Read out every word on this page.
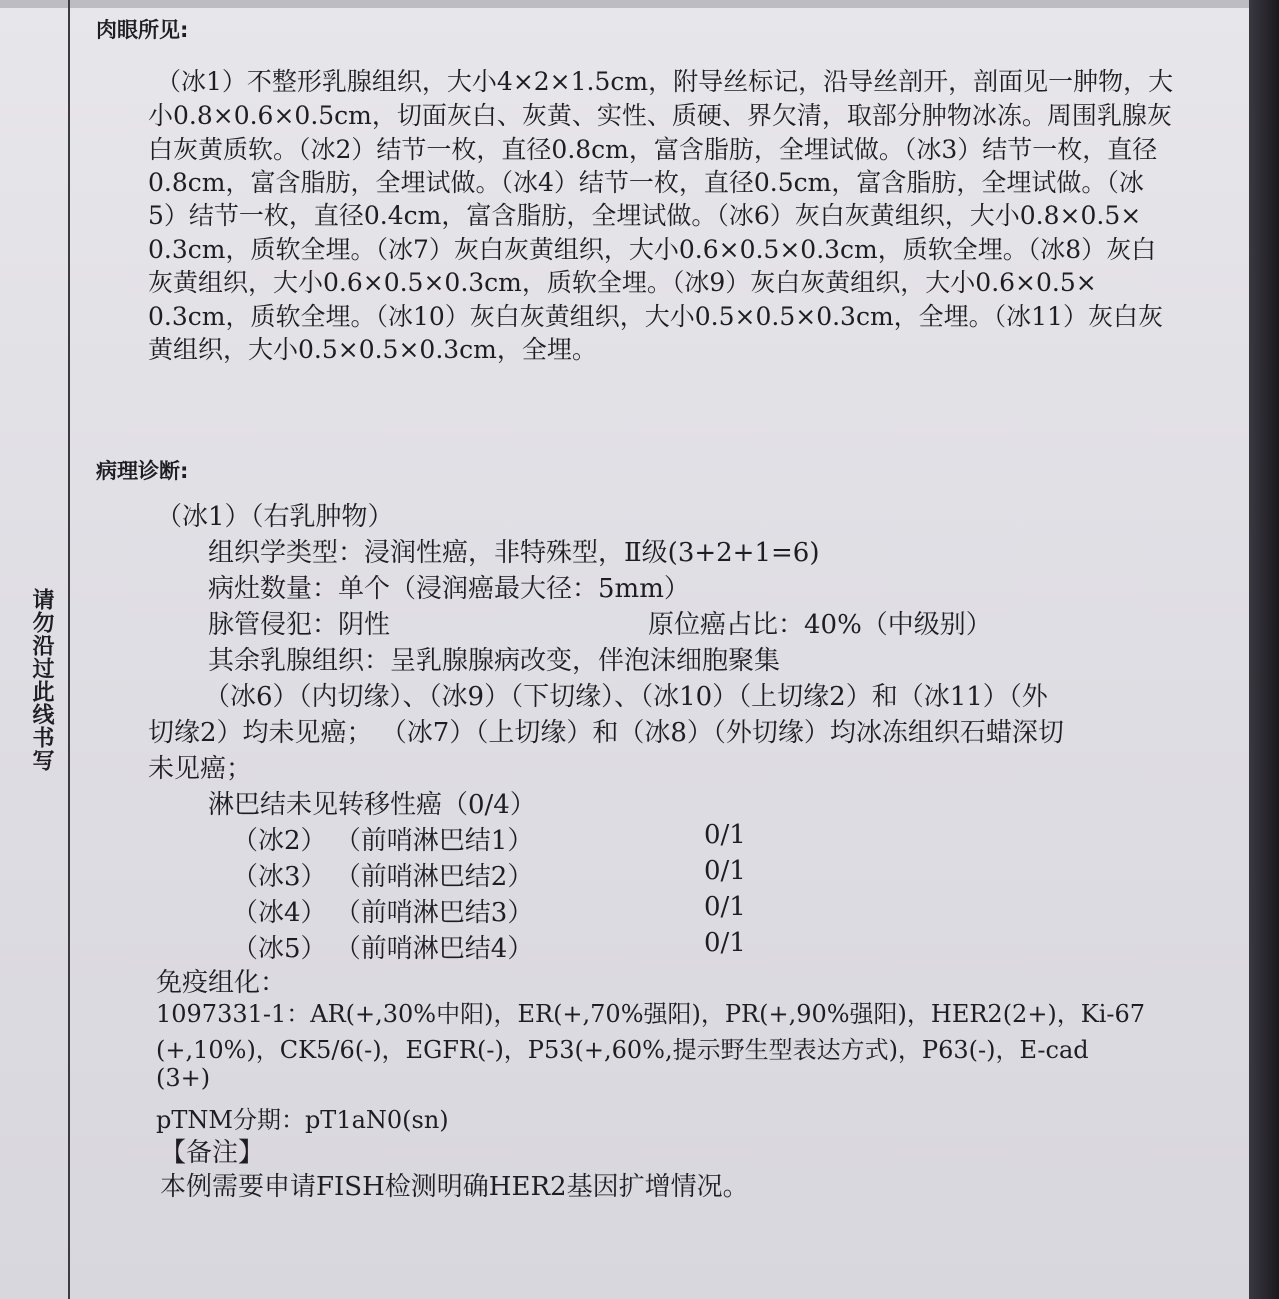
请勿沿过此线书写
肉眼所见:
（冰1）不整形乳腺组织，大小4×2×1.5cm，附导丝标记，沿导丝剖开，剖面见一肿物，大
小0.8×0.6×0.5cm，切面灰白、灰黄、实性、质硬、界欠清，取部分肿物冰冻。周围乳腺灰
白灰黄质软。（冰2）结节一枚，直径0.8cm，富含脂肪，全埋试做。（冰3）结节一枚，直径
0.8cm，富含脂肪，全埋试做。（冰4）结节一枚，直径0.5cm，富含脂肪，全埋试做。（冰
5）结节一枚，直径0.4cm，富含脂肪，全埋试做。（冰6）灰白灰黄组织，大小0.8×0.5×
0.3cm，质软全埋。（冰7）灰白灰黄组织，大小0.6×0.5×0.3cm，质软全埋。（冰8）灰白
灰黄组织，大小0.6×0.5×0.3cm，质软全埋。（冰9）灰白灰黄组织，大小0.6×0.5×
0.3cm，质软全埋。（冰10）灰白灰黄组织，大小0.5×0.5×0.3cm，全埋。（冰11）灰白灰
黄组织，大小0.5×0.5×0.3cm，全埋。
病理诊断:
（冰1）（右乳肿物）
组织学类型：浸润性癌，非特殊型，Ⅱ级(3+2+1=6)
病灶数量：单个（浸润癌最大径：5mm）
脉管侵犯：阴性	原位癌占比：40%（中级别）
其余乳腺组织：呈乳腺腺病改变，伴泡沫细胞聚集
（冰6）（内切缘）、（冰9）（下切缘）、（冰10）（上切缘2）和（冰11）（外
切缘2）均未见癌； （冰7）（上切缘）和（冰8）（外切缘）均冰冻组织石蜡深切
未见癌；
淋巴结未见转移性癌（0/4）
（冰2） （前哨淋巴结1）	0/1
（冰3） （前哨淋巴结2）	0/1
（冰4） （前哨淋巴结3）	0/1
（冰5） （前哨淋巴结4）	0/1
免疫组化：
1097331-1：AR(+,30%中阳)，ER(+,70%强阳)，PR(+,90%强阳)，HER2(2+)，Ki-67
(+,10%)，CK5/6(-)，EGFR(-)，P53(+,60%,提示野生型表达方式)，P63(-)，E-cad
(3+)
pTNM分期：pT1aN0(sn)
【备注】
本例需要申请FISH检测明确HER2基因扩增情况。
